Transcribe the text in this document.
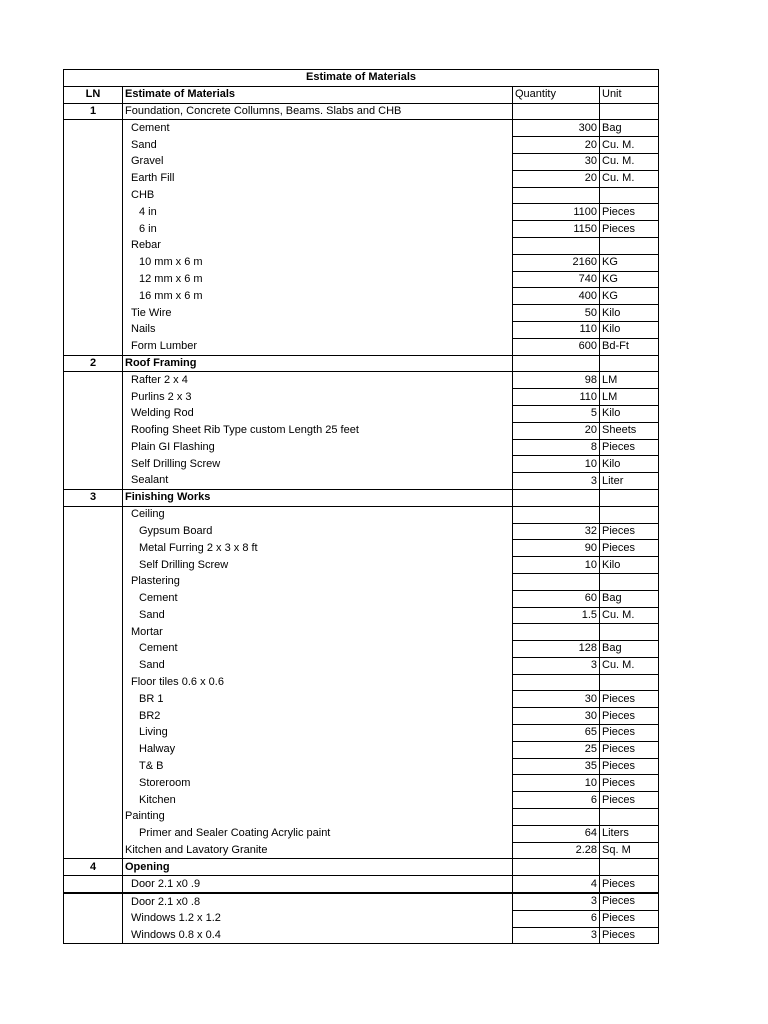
Estimate of Materials			
LN	Estimate of Materials	Quantity	Unit
1	Foundation, Concrete Collumns, Beams. Slabs and CHB		
	Cement	300	Bag
	Sand	20	Cu. M.
	Gravel	30	Cu. M.
	Earth Fill	20	Cu. M.
	CHB		
	4 in	1100	Pieces
	6 in	1150	Pieces
	Rebar		
	10 mm x 6 m	2160	KG
	12 mm x 6 m	740	KG
	16 mm x 6 m	400	KG
	Tie Wire	50	Kilo
	Nails	110	Kilo
	Form Lumber	600	Bd-Ft
2	Roof Framing		
	Rafter 2 x 4	98	LM
	Purlins 2 x 3	110	LM
	Welding Rod	5	Kilo
	Roofing Sheet Rib Type custom Length 25 feet	20	Sheets
	Plain GI Flashing	8	Pieces
	Self Drilling Screw	10	Kilo
	Sealant	3	Liter
3	Finishing Works		
	Ceiling		
	Gypsum Board	32	Pieces
	Metal Furring 2 x 3 x 8 ft	90	Pieces
	Self Drilling Screw	10	Kilo
	Plastering		
	Cement	60	Bag
	Sand	1.5	Cu. M.
	Mortar		
	Cement	128	Bag
	Sand	3	Cu. M.
	Floor tiles 0.6 x 0.6		
	BR 1	30	Pieces
	BR2	30	Pieces
	Living	65	Pieces
	Halway	25	Pieces
	T& B	35	Pieces
	Storeroom	10	Pieces
	Kitchen	6	Pieces
	Painting		
	Primer and Sealer Coating Acrylic paint	64	Liters
	Kitchen and Lavatory Granite	2.28	Sq. M
4	Opening		
	Door 2.1 x0 .9	4	Pieces
	Door 2.1 x0 .8	3	Pieces
	Windows 1.2 x 1.2	6	Pieces
	Windows 0.8 x 0.4	3	Pieces
